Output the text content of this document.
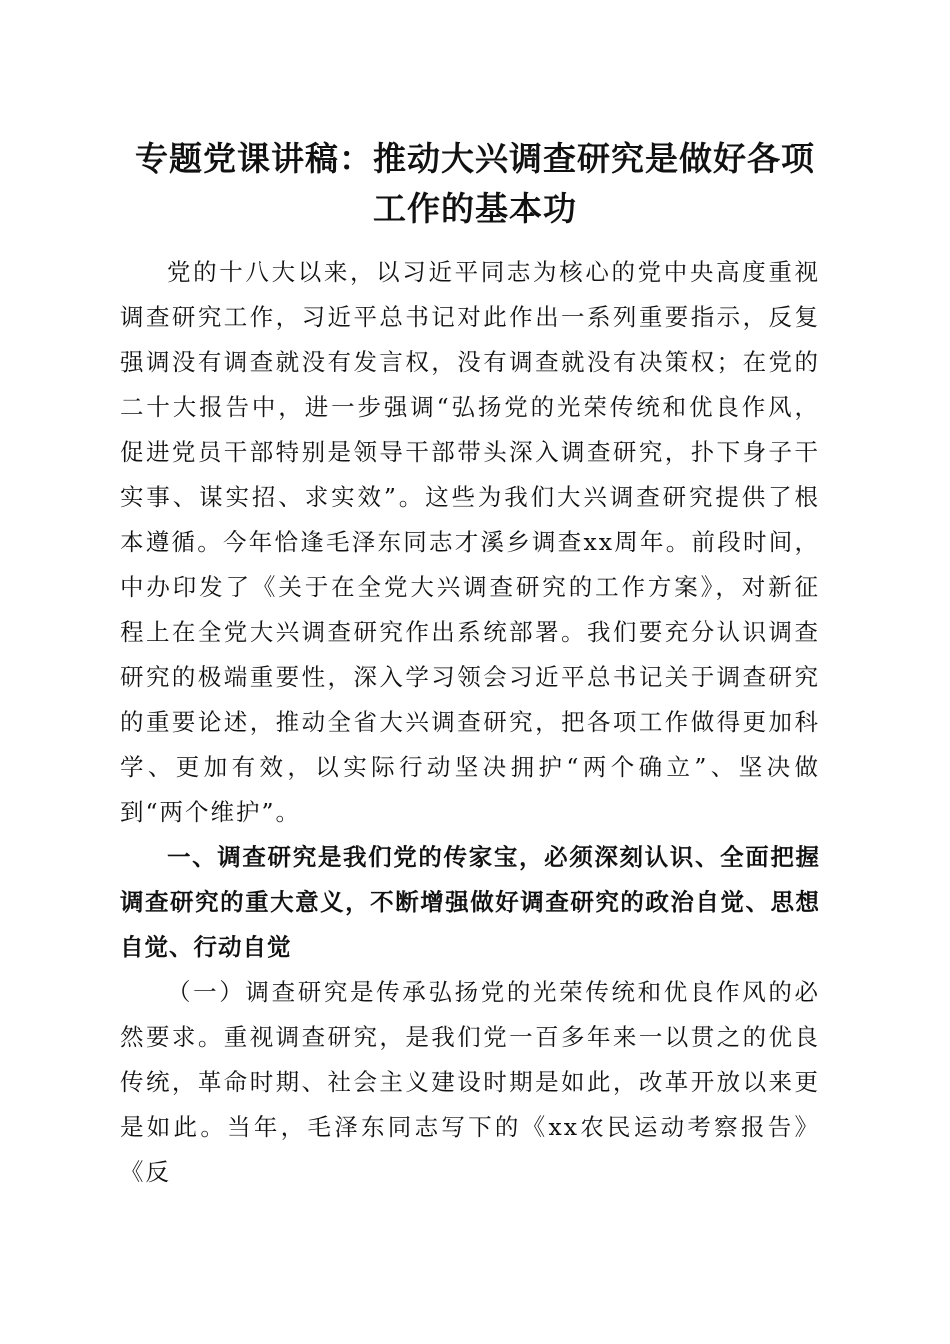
专题党课讲稿：推动大兴调查研究是做好各项
工作的基本功

党的十八大以来，以习近平同志为核心的党中央高度重视调查研究工作，习近平总书记对此作出一系列重要指示，反复强调没有调查就没有发言权，没有调查就没有决策权；在党的二十大报告中，进一步强调“弘扬党的光荣传统和优良作风，促进党员干部特别是领导干部带头深入调查研究，扑下身子干实事、谋实招、求实效”。这些为我们大兴调查研究提供了根本遵循。今年恰逢毛泽东同志才溪乡调查xx周年。前段时间，中办印发了《关于在全党大兴调查研究的工作方案》，对新征程上在全党大兴调查研究作出系统部署。我们要充分认识调查研究的极端重要性，深入学习领会习近平总书记关于调查研究的重要论述，推动全省大兴调查研究，把各项工作做得更加科学、更加有效，以实际行动坚决拥护“两个确立”、坚决做到“两个维护”。

一、调查研究是我们党的传家宝，必须深刻认识、全面把握调查研究的重大意义，不断增强做好调查研究的政治自觉、思想自觉、行动自觉

（一）调查研究是传承弘扬党的光荣传统和优良作风的必然要求。重视调查研究，是我们党一百多年来一以贯之的优良传统，革命时期、社会主义建设时期是如此，改革开放以来更是如此。当年，毛泽东同志写下的《xx农民运动考察报告》《反
